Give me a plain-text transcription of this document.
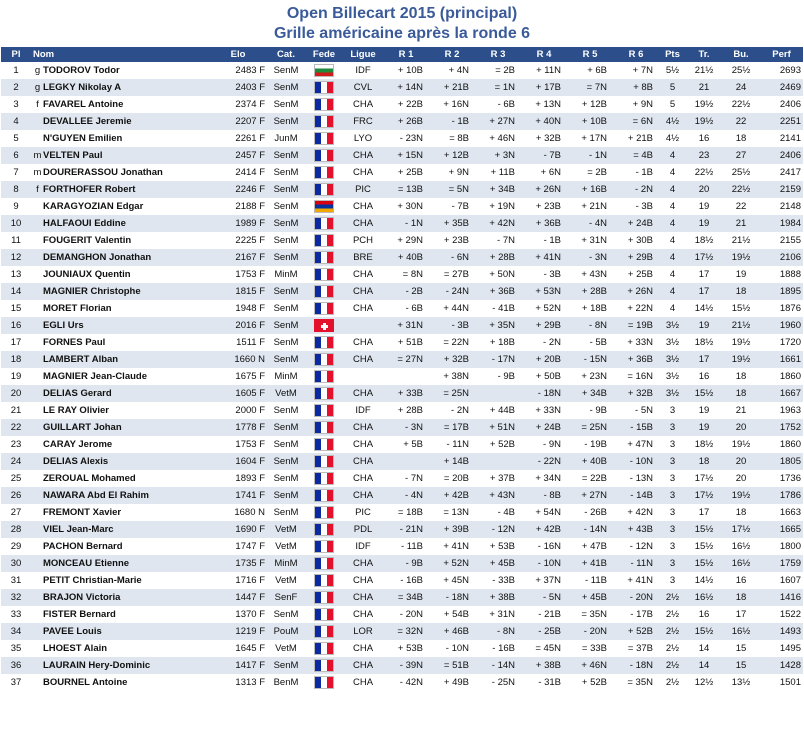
Open Billecart 2015 (principal)
Grille américaine après la ronde 6
Pl	Nom	Elo	Cat.	Fede	Ligue	R 1	R 2	R 3	R 4	R 5	R 6	Pts	Tr.	Bu.	Perf
1	g TODOROV Todor	2483 F	SenM		IDF	+ 10B	+ 4N	= 2B	+ 11N	+ 6B	+ 7N	5½	21½	25½	2693
2	g LEGKY Nikolay A	2403 F	SenM		CVL	+ 14N	+ 21B	= 1N	+ 17B	= 7N	+ 8B	5	21	24	2469
3	f FAVAREL Antoine	2374 F	SenM		CHA	+ 22B	+ 16N	- 6B	+ 13N	+ 12B	+ 9N	5	19½	22½	2406
4	DEVALLEE Jeremie	2207 F	SenM		FRC	+ 26B	- 1B	+ 27N	+ 40N	+ 10B	= 6N	4½	19½	22	2251
5	N'GUYEN Emilien	2261 F	JunM		LYO	- 23N	= 8B	+ 46N	+ 32B	+ 17N	+ 21B	4½	16	18	2141
6	m VELTEN Paul	2457 F	SenM		CHA	+ 15N	+ 12B	+ 3N	- 7B	- 1N	= 4B	4	23	27	2406
7	m DOURERASSOU Jonathan	2414 F	SenM		CHA	+ 25B	+ 9N	+ 11B	+ 6N	= 2B	- 1B	4	22½	25½	2417
8	f FORTHOFER Robert	2246 F	SenM		PIC	= 13B	= 5N	+ 34B	+ 26N	+ 16B	- 2N	4	20	22½	2159
9	KARAGYOZIAN Edgar	2188 F	SenM		CHA	+ 30N	- 7B	+ 19N	+ 23B	+ 21N	- 3B	4	19	22	2148
10	HALFAOUI Eddine	1989 F	SenM		CHA	- 1N	+ 35B	+ 42N	+ 36B	- 4N	+ 24B	4	19	21	1984
11	FOUGERIT Valentin	2225 F	SenM		PCH	+ 29N	+ 23B	- 7N	- 1B	+ 31N	+ 30B	4	18½	21½	2155
12	DEMANGHON Jonathan	2167 F	SenM		BRE	+ 40B	- 6N	+ 28B	+ 41N	- 3N	+ 29B	4	17½	19½	2106
13	JOUNIAUX Quentin	1753 F	MinM		CHA	= 8N	= 27B	+ 50N	- 3B	+ 43N	+ 25B	4	17	19	1888
14	MAGNIER Christophe	1815 F	SenM		CHA	- 2B	- 24N	+ 36B	+ 53N	+ 28B	+ 26N	4	17	18	1895
15	MORET Florian	1948 F	SenM		CHA	- 6B	+ 44N	- 41B	+ 52N	+ 18B	+ 22N	4	14½	15½	1876
16	EGLI Urs	2016 F	SenM			+ 31N	- 3B	+ 35N	+ 29B	- 8N	= 19B	3½	19	21½	1960
17	FORNES Paul	1511 F	SenM		CHA	+ 51B	= 22N	+ 18B	- 2N	- 5B	+ 33N	3½	18½	19½	1720
18	LAMBERT Alban	1660 N	SenM		CHA	= 27N	+ 32B	- 17N	+ 20B	- 15N	+ 36B	3½	17	19½	1661
19	MAGNIER Jean-Claude	1675 F	MinM				+ 38N	- 9B	+ 50B	+ 23N	= 16N	3½	16	18	1860
20	DELIAS Gerard	1605 F	VetM		CHA	+ 33B	= 25N		- 18N	+ 34B	+ 32B	3½	15½	18	1667
21	LE RAY Olivier	2000 F	SenM		IDF	+ 28B	- 2N	+ 44B	+ 33N	- 9B	- 5N	3	19	21	1963
22	GUILLART Johan	1778 F	SenM		CHA	- 3N	= 17B	+ 51N	+ 24B	= 25N	- 15B	3	19	20	1752
23	CARAY Jerome	1753 F	SenM		CHA	+ 5B	- 11N	+ 52B	- 9N	- 19B	+ 47N	3	18½	19½	1860
24	DELIAS Alexis	1604 F	SenM		CHA		+ 14B		- 22N	+ 40B	- 10N	3	18	20	1805
25	ZEROUAL Mohamed	1893 F	SenM		CHA	- 7N	= 20B	+ 37B	+ 34N	= 22B	- 13N	3	17½	20	1736
26	NAWARA Abd El Rahim	1741 F	SenM		CHA	- 4N	+ 42B	+ 43N	- 8B	+ 27N	- 14B	3	17½	19½	1786
27	FREMONT Xavier	1680 N	SenM		PIC	= 18B	= 13N	- 4B	+ 54N	- 26B	+ 42N	3	17	18	1663
28	VIEL Jean-Marc	1690 F	VetM		PDL	- 21N	+ 39B	- 12N	+ 42B	- 14N	+ 43B	3	15½	17½	1665
29	PACHON Bernard	1747 F	VetM		IDF	- 11B	+ 41N	+ 53B	- 16N	+ 47B	- 12N	3	15½	16½	1800
30	MONCEAU Etienne	1735 F	MinM		CHA	- 9B	+ 52N	+ 45B	- 10N	+ 41B	- 11N	3	15½	16½	1759
31	PETIT Christian-Marie	1716 F	VetM		CHA	- 16B	+ 45N	- 33B	+ 37N	- 11B	+ 41N	3	14½	16	1607
32	BRAJON Victoria	1447 F	SenF		CHA	= 34B	- 18N	+ 38B	- 5N	+ 45B	- 20N	2½	16½	18	1416
33	FISTER Bernard	1370 F	SenM		CHA	- 20N	+ 54B	+ 31N	- 21B	= 35N	- 17B	2½	16	17	1522
34	PAVEE Louis	1219 F	PouM		LOR	= 32N	+ 46B	- 8N	- 25B	- 20N	+ 52B	2½	15½	16½	1493
35	LHOEST Alain	1645 F	VetM		CHA	+ 53B	- 10N	- 16B	= 45N	= 33B	= 37B	2½	14	15	1495
36	LAURAIN Hery-Dominic	1417 F	SenM		CHA	- 39N	= 51B	- 14N	+ 38B	+ 46N	- 18N	2½	14	15	1428
37	BOURNEL Antoine	1313 F	BenM		CHA	- 42N	+ 49B	- 25N	- 31B	+ 52B	= 35N	2½	12½	13½	1501
